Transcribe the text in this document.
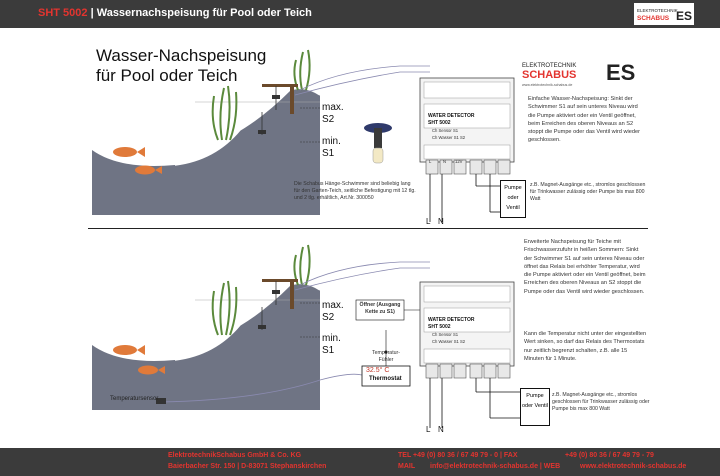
SHT 5002 | Wassernachspeisung für Pool oder Teich	ELEKTROTECHNIK
SCHABUS ES
Wasser-Nachspeisung
für Pool oder Teich
max.
S2
min.
S1
WATER DETECTOR
SHT 5002
Ch Sensor S1
Ch Wasser S1 S2
L	N 12V
Die Schabus Hänge-Schwimmer sind beliebig lang für den Garten-Teich, seitliche Befestigung mit 12 tlg. und 2 tlg. erhältlich, Art.Nr. 300050
Pumpe oder Ventil
z.B. Magnet-Ausgänge etc., stromlos geschlossen für Trinkwasser zulässig oder Pumpe bis max 800 Watt
L N
ELEKTROTECHNIK
SCHABUS ES
www.elektrotechnik-schabus.de
Einfache Wasser-Nachspeisung: Sinkt der Schwimmer S1 auf sein unteres Niveau wird die Pumpe aktiviert oder ein Ventil geöffnet, beim Erreichen des oberen Niveaus an S2 stoppt die Pumpe oder das Ventil wird wieder geschlossen.
max.
S2
min.
S1
Öffner (Ausgang Kette zu S1)
Temperatur-Fühler
32.5° C
Thermostat
Temperatursensor
WATER DETECTOR
SHT 5002
Ch Sensor S1
Ch Wasser S1 S2
Erweiterte Nachspeisung für Teiche mit Frischwasserzufuhr in heißen Sommern: Sinkt der Schwimmer S1 auf sein unteres Niveau oder öffnet das Relais bei erhöhter Temperatur, wird die Pumpe aktiviert oder ein Ventil geöffnet, beim Erreichen des oberen Niveaus an S2 stoppt die Pumpe oder das Ventil wird wieder geschlossen.
Kann die Temperatur nicht unter der eingestellten Wert sinken, so darf das Relais des Thermostats nur zeitlich begrenzt schalten, z.B. alle 15 Minuten für 1 Minute.
Pumpe oder Ventil
z.B. Magnet-Ausgänge etc., stromlos geschlossen für Trinkwasser zulässig oder Pumpe bis max 800 Watt
L N
ElektrotechnikSchabus GmbH & Co. KG
Baierbacher Str. 150 | D-83071 Stephanskirchen
TEL +49 (0) 80 36 / 67 49 79 - 0 | FAX	+49 (0) 80 36 / 67 49 79 - 79
MAIL info@elektrotechnik-schabus.de | WEB	www.elektrotechnik-schabus.de
